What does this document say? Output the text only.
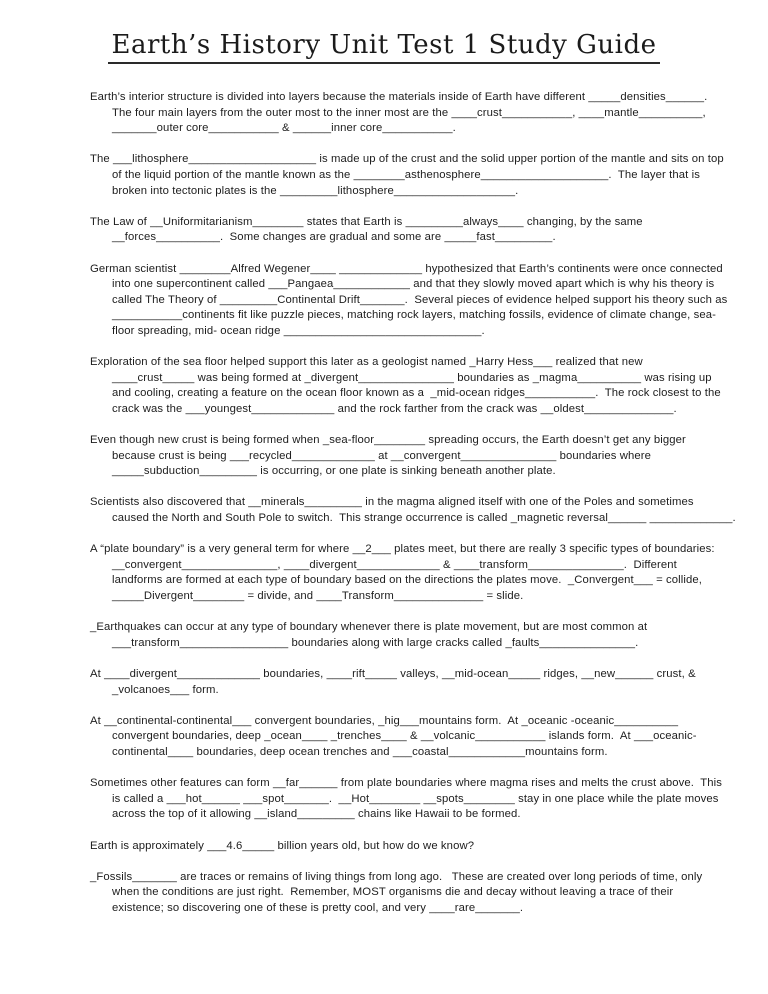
Earth’s History Unit Test 1 Study Guide
Earth’s interior structure is divided into layers because the materials inside of Earth have different _____densities______.
The four main layers from the outer most to the inner most are the ____crust___________, ____mantle__________,
_______outer core___________ & ______inner core___________.
The ___lithosphere____________________ is made up of the crust and the solid upper portion of the mantle and sits on top
of the liquid portion of the mantle known as the ________asthenosphere____________________.  The layer that is
broken into tectonic plates is the _________lithosphere___________________.
The Law of __Uniformitarianism________ states that Earth is _________always____ changing, by the same
__forces__________.  Some changes are gradual and some are _____fast_________.
German scientist ________Alfred Wegener____ _____________ hypothesized that Earth’s continents were once connected
into one supercontinent called ___Pangaea____________ and that they slowly moved apart which is why his theory is
called The Theory of _________Continental Drift_______.  Several pieces of evidence helped support his theory such as
___________continents fit like puzzle pieces, matching rock layers, matching fossils, evidence of climate change, sea-
floor spreading, mid- ocean ridge _______________________________.
Exploration of the sea floor helped support this later as a geologist named _Harry Hess___ realized that new
____crust_____ was being formed at _divergent_______________ boundaries as _magma__________ was rising up
and cooling, creating a feature on the ocean floor known as a  _mid-ocean ridges___________.  The rock closest to the
crack was the ___youngest_____________ and the rock farther from the crack was __oldest______________.
Even though new crust is being formed when _sea-floor________ spreading occurs, the Earth doesn’t get any bigger
because crust is being ___recycled_____________ at __convergent_______________ boundaries where
_____subduction_________ is occurring, or one plate is sinking beneath another plate.
Scientists also discovered that __minerals_________ in the magma aligned itself with one of the Poles and sometimes
caused the North and South Pole to switch.  This strange occurrence is called _magnetic reversal______ _____________.
A “plate boundary” is a very general term for where __2___ plates meet, but there are really 3 specific types of boundaries:
__convergent_______________, ____divergent_____________ & ____transform_______________.  Different
landforms are formed at each type of boundary based on the directions the plates move.  _Convergent___ = collide,
_____Divergent________ = divide, and ____Transform______________ = slide.
_Earthquakes can occur at any type of boundary whenever there is plate movement, but are most common at
___transform_________________ boundaries along with large cracks called _faults_______________.
At ____divergent_____________ boundaries, ____rift_____ valleys, __mid-ocean_____ ridges, __new______ crust, &
_volcanoes___ form.
At __continental-continental___ convergent boundaries, _hig___mountains form.  At _oceanic -oceanic__________
convergent boundaries, deep _ocean____ _trenches____ & __volcanic___________ islands form.  At ___oceanic-
continental____ boundaries, deep ocean trenches and ___coastal____________mountains form.
Sometimes other features can form __far______ from plate boundaries where magma rises and melts the crust above.  This
is called a ___hot______ ___spot_______.  __Hot________ __spots________ stay in one place while the plate moves
across the top of it allowing __island_________ chains like Hawaii to be formed.
Earth is approximately ___4.6_____ billion years old, but how do we know?
_Fossils_______ are traces or remains of living things from long ago.   These are created over long periods of time, only
when the conditions are just right.  Remember, MOST organisms die and decay without leaving a trace of their
existence; so discovering one of these is pretty cool, and very ____rare_______.
